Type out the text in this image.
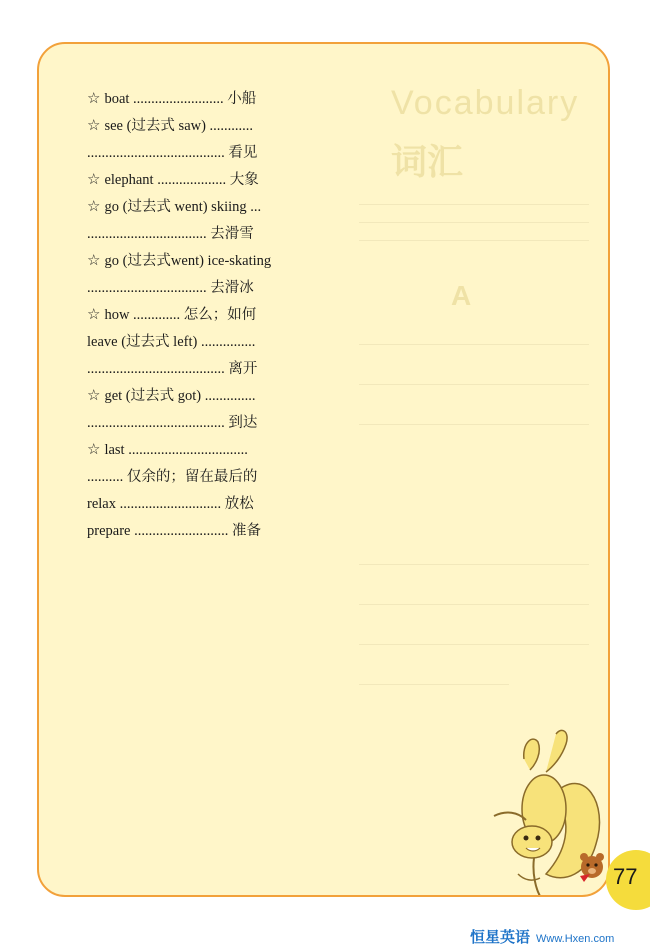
Vocabulary
词汇
A
☆ boat ......................... 小船
☆ see (过去式 saw) ............
...................................... 看见
☆ elephant ................... 大象
☆ go (过去式 went) skiing ...
................................. 去滑雪
☆ go (过去式went) ice-skating
................................. 去滑冰
☆ how ............. 怎么；如何
leave (过去式 left) ...............
...................................... 离开
☆ get (过去式 got) ..............
...................................... 到达
☆ last .................................
.......... 仅余的；留在最后的
relax ............................ 放松
prepare .......................... 准备
77
恒星英语 Www.Hxen.com
